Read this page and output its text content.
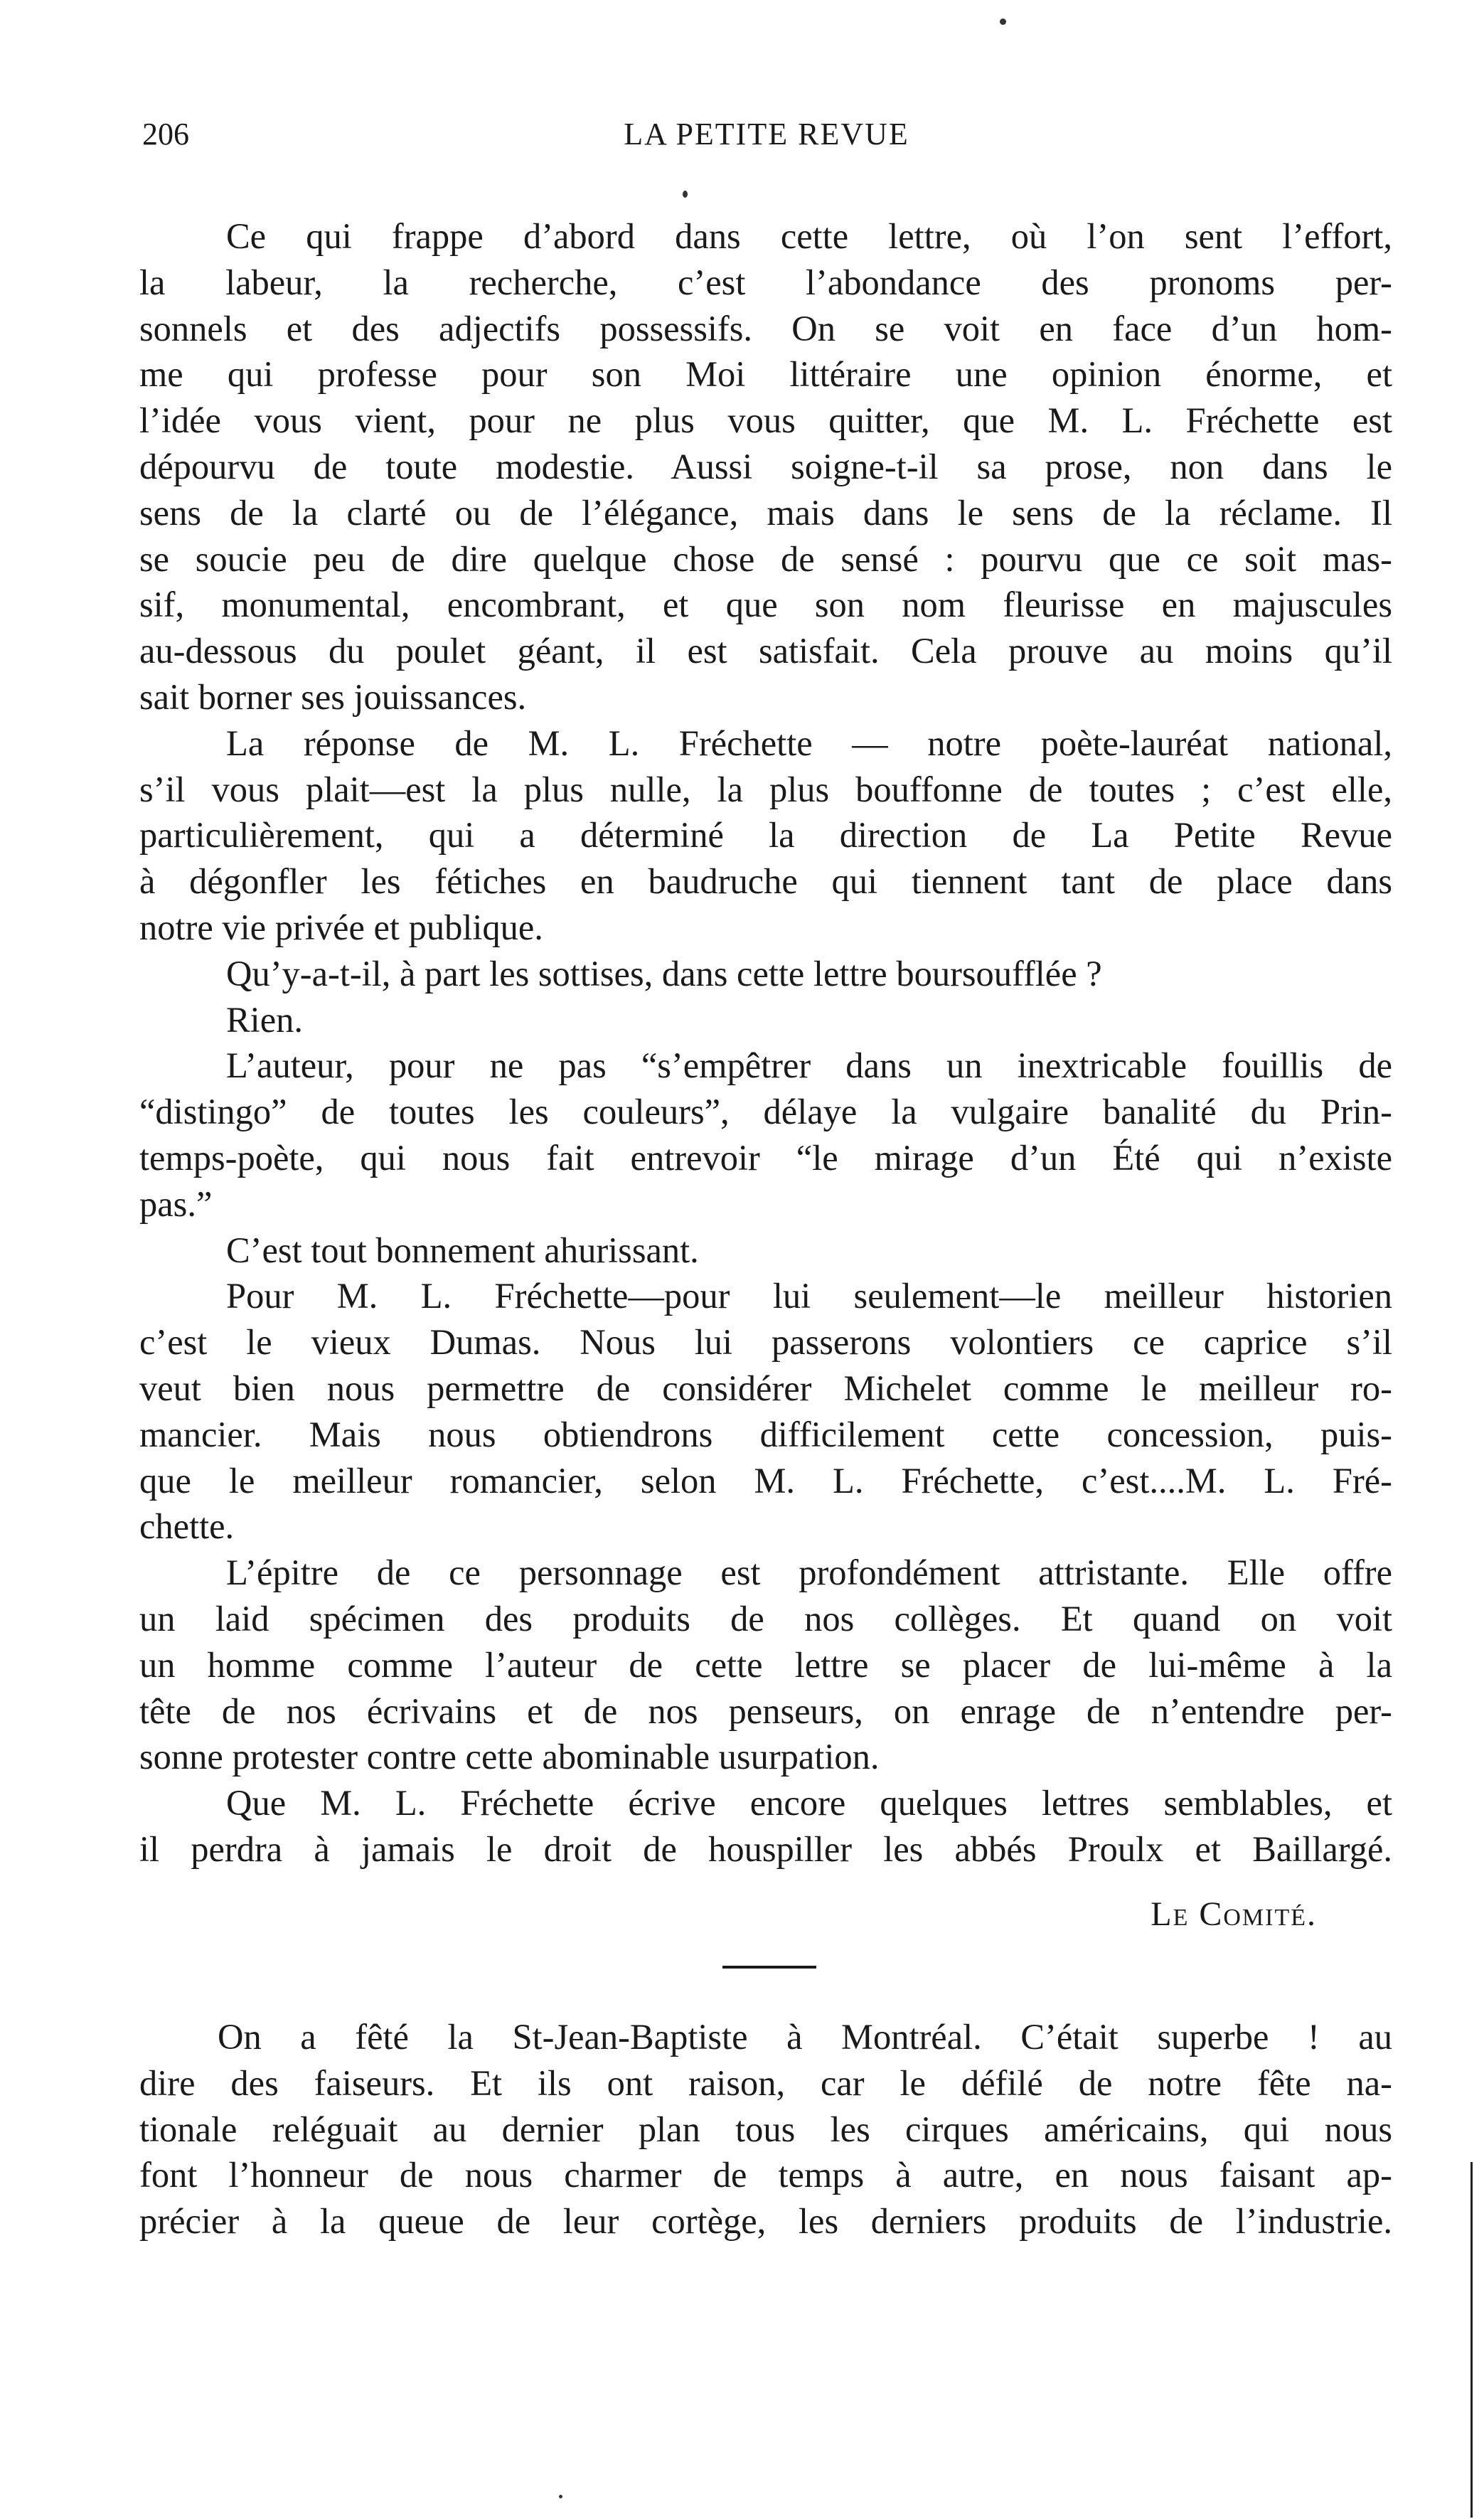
206	LA PETITE REVUE
Ce qui frappe d’abord dans cette lettre, où l’on sent l’effort,
la labeur, la recherche, c’est l’abondance des pronoms per-
sonnels et des adjectifs possessifs. On se voit en face d’un hom-
me qui professe pour son Moi littéraire une opinion énorme, et
l’idée vous vient, pour ne plus vous quitter, que M. L. Fréchette est
dépourvu de toute modestie. Aussi soigne-t-il sa prose, non dans le
sens de la clarté ou de l’élégance, mais dans le sens de la réclame. Il
se soucie peu de dire quelque chose de sensé : pourvu que ce soit mas-
sif, monumental, encombrant, et que son nom fleurisse en majuscules
au-dessous du poulet géant, il est satisfait. Cela prouve au moins qu’il
sait borner ses jouissances.
La réponse de M. L. Fréchette — notre poète-lauréat national,
s’il vous plait—est la plus nulle, la plus bouffonne de toutes ; c’est elle,
particulièrement, qui a déterminé la direction de La Petite Revue
à dégonfler les fétiches en baudruche qui tiennent tant de place dans
notre vie privée et publique.
Qu’y-a-t-il, à part les sottises, dans cette lettre boursoufflée ?
Rien.
L’auteur, pour ne pas “s’empêtrer dans un inextricable fouillis de
“distingo” de toutes les couleurs”, délaye la vulgaire banalité du Prin-
temps-poète, qui nous fait entrevoir “le mirage d’un Été qui n’existe
pas.”
C’est tout bonnement ahurissant.
Pour M. L. Fréchette—pour lui seulement—le meilleur historien
c’est le vieux Dumas. Nous lui passerons volontiers ce caprice s’il
veut bien nous permettre de considérer Michelet comme le meilleur ro-
mancier. Mais nous obtiendrons difficilement cette concession, puis-
que le meilleur romancier, selon M. L. Fréchette, c’est....M. L. Fré-
chette.
L’épitre de ce personnage est profondément attristante. Elle offre
un laid spécimen des produits de nos collèges. Et quand on voit
un homme comme l’auteur de cette lettre se placer de lui-même à la
tête de nos écrivains et de nos penseurs, on enrage de n’entendre per-
sonne protester contre cette abominable usurpation.
Que M. L. Fréchette écrive encore quelques lettres semblables, et
il perdra à jamais le droit de houspiller les abbés Proulx et Baillargé.
Le Comité.
On a fêté la St-Jean-Baptiste à Montréal. C’était superbe ! au
dire des faiseurs. Et ils ont raison, car le défilé de notre fête na-
tionale reléguait au dernier plan tous les cirques américains, qui nous
font l’honneur de nous charmer de temps à autre, en nous faisant ap-
précier à la queue de leur cortège, les derniers produits de l’industrie.
